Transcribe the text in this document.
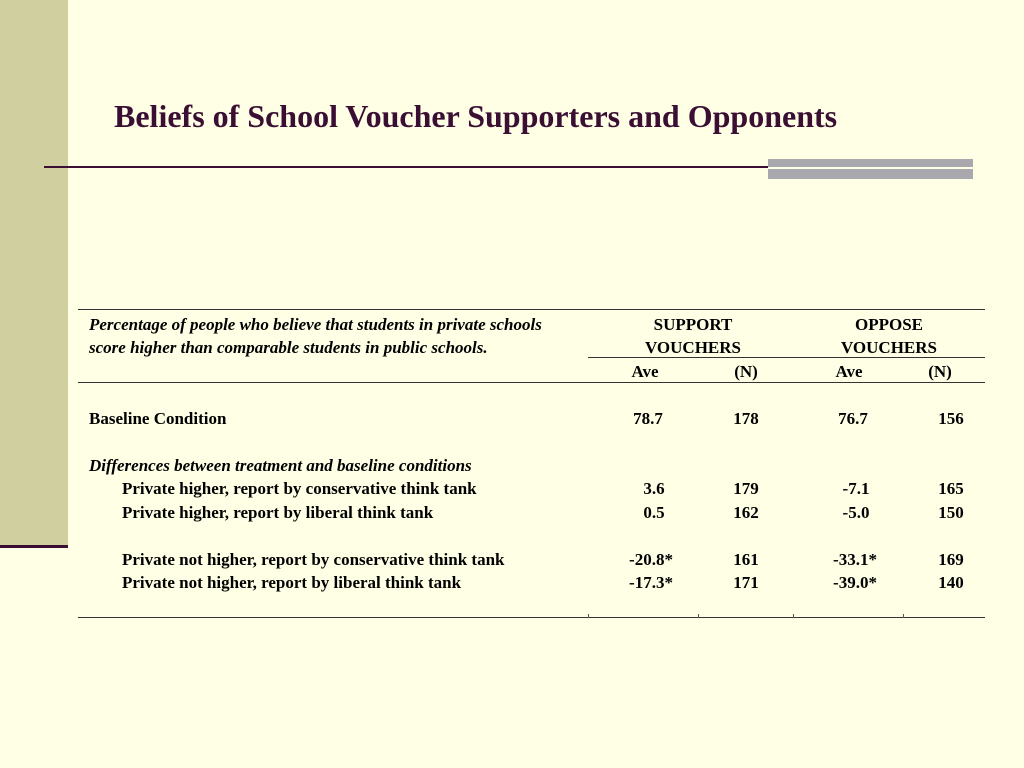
Beliefs of School Voucher Supporters and Opponents
Percentage of people who believe that students in private schools score higher than comparable students in public schools.
SUPPORT
VOUCHERS
OPPOSE
VOUCHERS
Ave	(N)	Ave	(N)
Baseline Condition	78.7	178	76.7	156
Differences between treatment and baseline conditions
Private higher, report by conservative think tank	3.6	179	-7.1	165
Private higher, report by liberal think tank	0.5	162	-5.0	150
Private not higher, report by conservative think tank	-20.8*	161	-33.1*	169
Private not higher, report by liberal think tank	-17.3*	171	-39.0*	140
